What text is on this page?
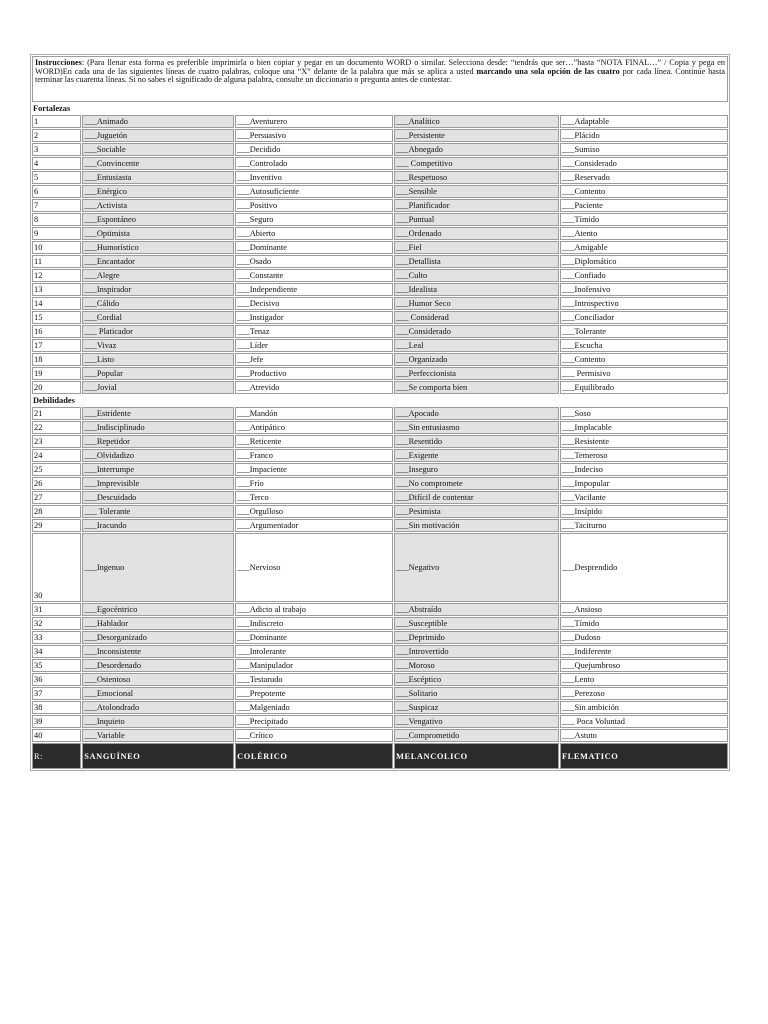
Instrucciones: (Para llenar esta forma es preferible imprimirla o bien copiar y pegar en un documento WORD o similar. Selecciona desde: “tendrás que ser…”hasta “NOTA FINAL…” / Copia y pega en WORD)En cada una de las siguientes líneas de cuatro palabras, coloque una “X” delante de la palabra que más se aplica a usted marcando una sola opción de las cuatro por cada línea. Continúe hasta terminar las cuarenta líneas. Si no sabes el significado de alguna palabra, consulte un diccionario o pregunta antes de contestar.				
Fortalezas				
1	___Animado	___Aventurero	___Analítico	___Adaptable
2	___Juguetón	___Persuasivo	___Persistente	___Plácido
3	___Sociable	___Decidido	___Abnegado	___Sumiso
4	___Convincente	___Controlado	___ Competitivo	___Considerado
5	___Entusiasta	___Inventivo	___Respetuoso	___Reservado
6	___Enérgico	___Autosuficiente	___Sensible	___Contento
7	___Activista	___Positivo	___Planificador	___Paciente
8	___Espontáneo	___Seguro	___Puntual	___Tímido
9	___Optimista	___Abierto	___Ordenado	___Atento
10	___Humorístico	___Dominante	___Fiel	___Amigable
11	___Encantador	___Osado	___Detallista	___Diplomático
12	___Alegre	___Constante	___Culto	___Confiado
13	___Inspirador	___Independiente	___Idealista	___Inofensivo
14	___Cálido	___Decisivo	___Humor Seco	___Introspectivo
15	___Cordial	___Instigador	___ Considerad	___Conciliador
16	___ Platicador	___Tenaz	___Considerado	___Tolerante
17	___Vivaz	___Líder	___Leal	___Escucha
18	___Listo	___Jefe	___Organizado	___Contento
19	___Popular	___Productivo	___Perfeccionista	___ Permisivo
20	___Jovial	___Atrevido	___Se comporta bien	___Equilibrado
Debilidades				
21	___Estridente	___Mandón	___Apocado	___Soso
22	___Indisciplinado	___Antipático	___Sin entusiasmo	___Implacable
23	___Repetidor	___Reticente	___Resentido	___Resistente
24	___Olvidadizo	___Franco	___Exigente	___Temeroso
25	___Interrumpe	___Impaciente	___Inseguro	___Indeciso
26	___Imprevisible	___Frío	___No compromete	___Impopular
27	___Descuidado	___Terco	___Difícil de contentar	___Vacilante
28	___ Tolerante	___Orgulloso	___Pesimista	___Insípido
29	___Iracundo	___Argumentador	___Sin motivación	___Taciturno
30	___Ingenuo	___Nervioso	___Negativo	___Desprendido
31	___Egocéntrico	___Adicto al trabajo	___Abstraído	___Ansioso
32	___Hablador	___Indiscreto	___Susceptible	___Tímido
33	___Desorganizado	___Dominante	___Deprimido	___Dudoso
34	___Inconsistente	___Intolerante	___Introvertido	___Indiferente
35	___Desordenado	___Manipulador	___Moroso	___Quejumbroso
36	___Ostentoso	___Testarudo	___Escéptico	___Lento
37	___Emocional	___Prepotente	___Solitario	___Perezoso
38	___Atolondrado	___Malgeniado	___Suspicaz	___Sin ambición
39	___Inquieto	___Precipitado	___Vengativo	___ Poca Voluntad
40	___Variable	___Crítico	___Comprometido	___Astuto
R:	SANGUÍNEO	COLÉRICO	MELANCOLICO	FLEMATICO
